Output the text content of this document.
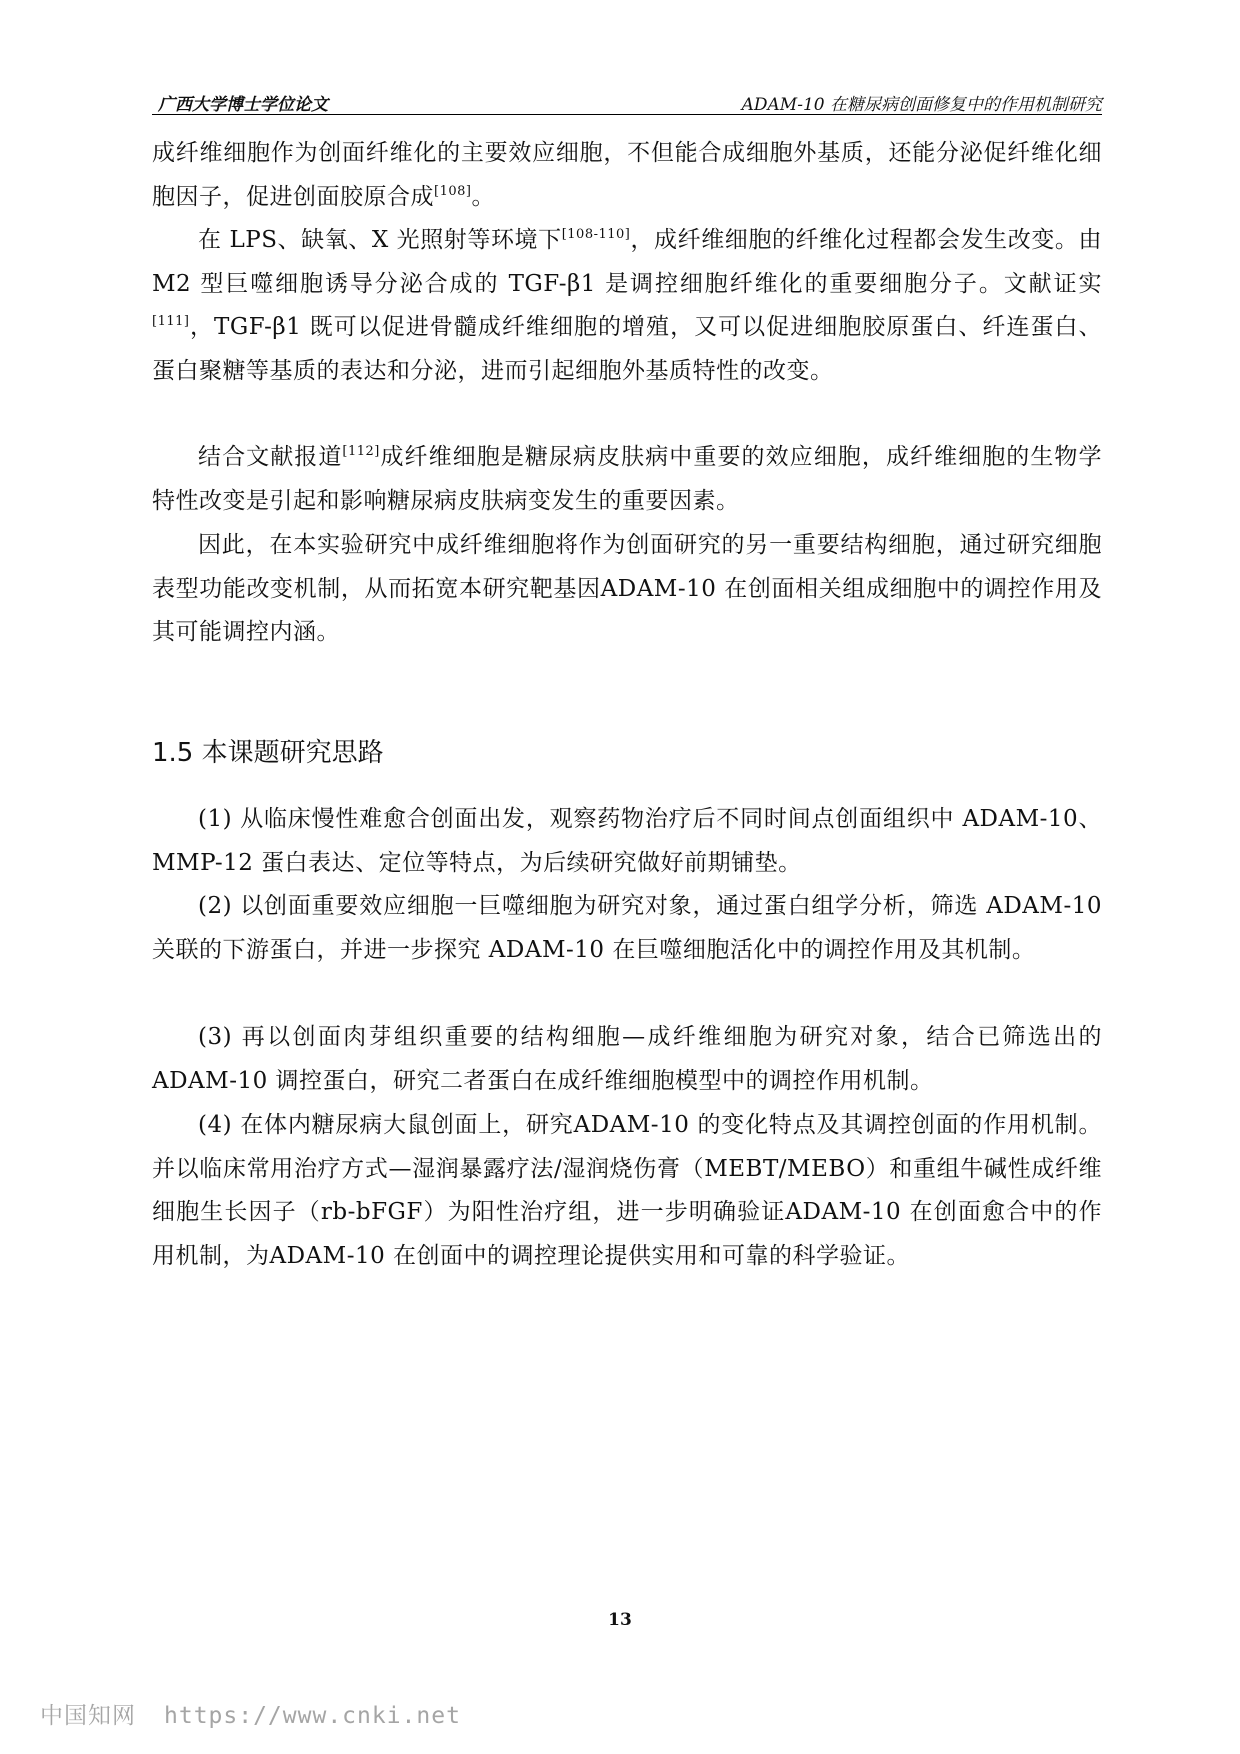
广西大学博士学位论文	ADAM-10 在糖尿病创面修复中的作用机制研究

成纤维细胞作为创面纤维化的主要效应细胞，不但能合成细胞外基质，还能分泌促纤维化细胞因子，促进创面胶原合成[108]。

在 LPS、缺氧、X 光照射等环境下[108-110]，成纤维细胞的纤维化过程都会发生改变。由 M2 型巨噬细胞诱导分泌合成的 TGF-β1 是调控细胞纤维化的重要细胞分子。文献证实[111]，TGF-β1 既可以促进骨髓成纤维细胞的增殖，又可以促进细胞胶原蛋白、纤连蛋白、蛋白聚糖等基质的表达和分泌，进而引起细胞外基质特性的改变。

结合文献报道[112]成纤维细胞是糖尿病皮肤病中重要的效应细胞，成纤维细胞的生物学特性改变是引起和影响糖尿病皮肤病变发生的重要因素。

因此，在本实验研究中成纤维细胞将作为创面研究的另一重要结构细胞，通过研究细胞表型功能改变机制，从而拓宽本研究靶基因ADAM-10 在创面相关组成细胞中的调控作用及其可能调控内涵。

1.5 本课题研究思路

(1) 从临床慢性难愈合创面出发，观察药物治疗后不同时间点创面组织中 ADAM-10、MMP-12 蛋白表达、定位等特点，为后续研究做好前期铺垫。

(2) 以创面重要效应细胞一巨噬细胞为研究对象，通过蛋白组学分析，筛选 ADAM-10 关联的下游蛋白，并进一步探究 ADAM-10 在巨噬细胞活化中的调控作用及其机制。

(3) 再以创面肉芽组织重要的结构细胞—成纤维细胞为研究对象，结合已筛选出的 ADAM-10 调控蛋白，研究二者蛋白在成纤维细胞模型中的调控作用机制。

(4) 在体内糖尿病大鼠创面上，研究ADAM-10 的变化特点及其调控创面的作用机制。并以临床常用治疗方式—湿润暴露疗法/湿润烧伤膏（MEBT/MEBO）和重组牛碱性成纤维细胞生长因子（rb-bFGF）为阳性治疗组，进一步明确验证ADAM-10 在创面愈合中的作用机制，为ADAM-10 在创面中的调控理论提供实用和可靠的科学验证。

13
中国知网 https://www.cnki.net
